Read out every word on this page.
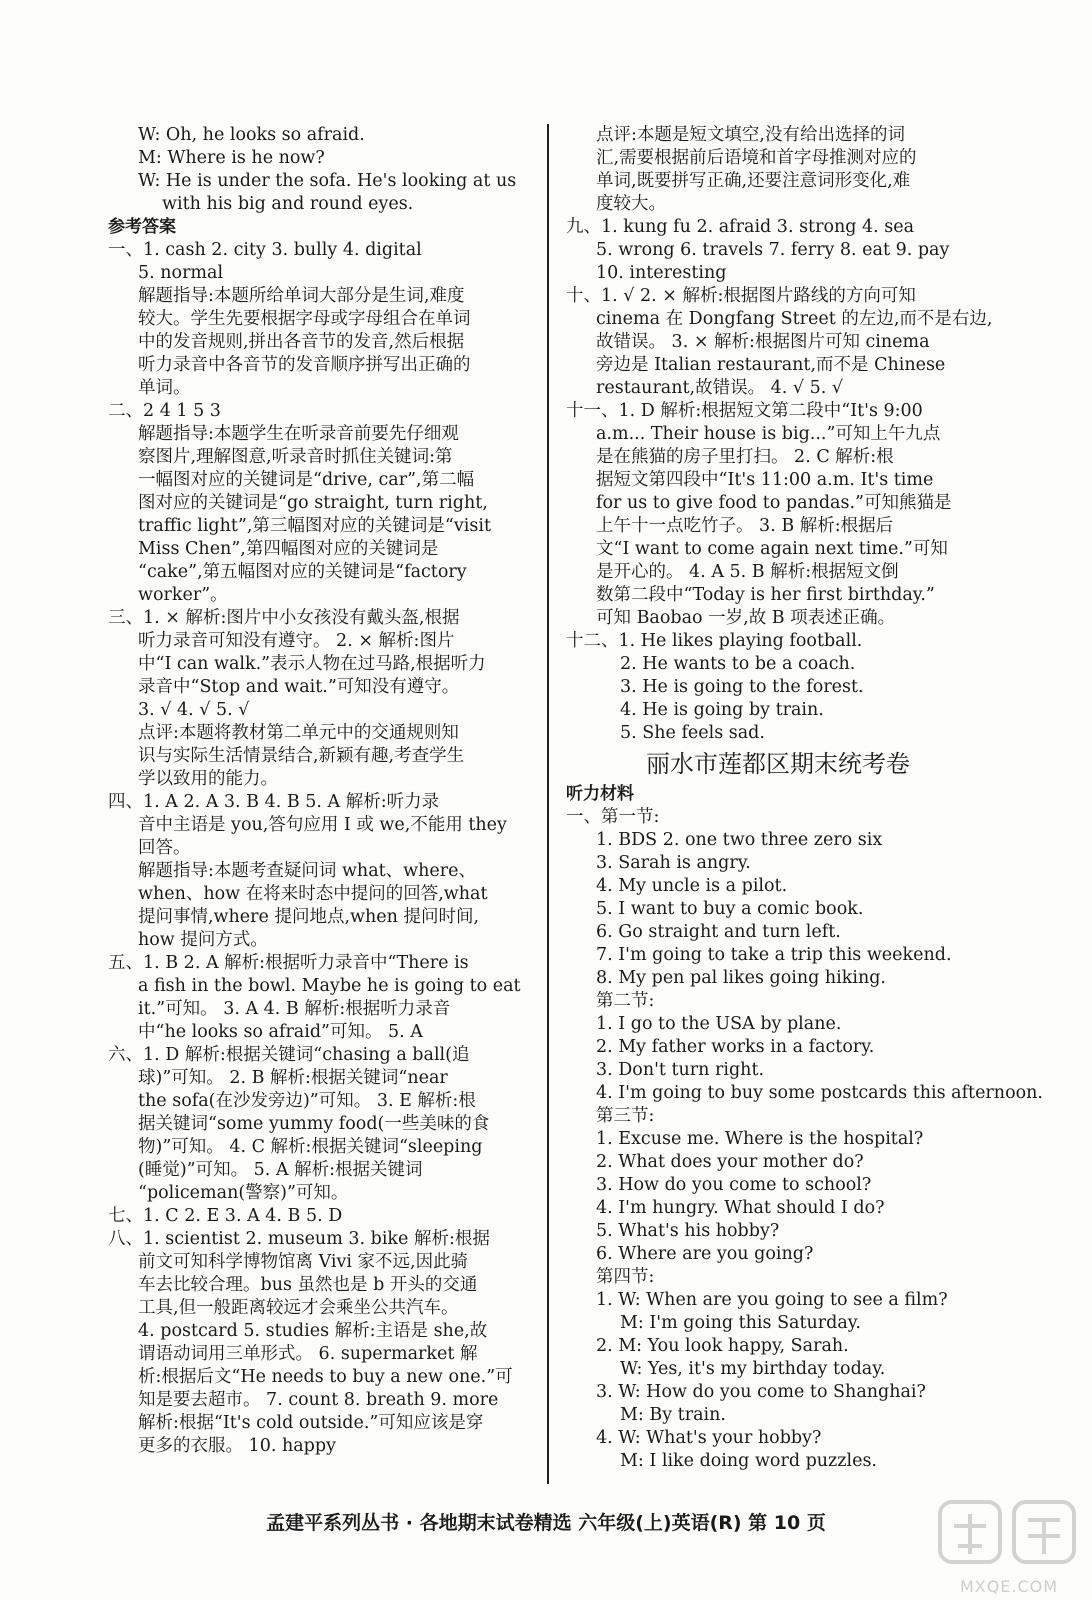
W: Oh, he looks so afraid.
M: Where is he now?
W: He is under the sofa. He's looking at us
with his big and round eyes.
参考答案
一、1. cash 2. city 3. bully 4. digital
5. normal
解题指导:本题所给单词大部分是生词,难度
较大。学生先要根据字母或字母组合在单词
中的发音规则,拼出各音节的发音,然后根据
听力录音中各音节的发音顺序拼写出正确的
单词。
二、2 4 1 5 3
解题指导:本题学生在听录音前要先仔细观
察图片,理解图意,听录音时抓住关键词:第
一幅图对应的关键词是“drive, car”,第二幅
图对应的关键词是“go straight, turn right,
traffic light”,第三幅图对应的关键词是“visit
Miss Chen”,第四幅图对应的关键词是
“cake”,第五幅图对应的关键词是“factory
worker”。
三、1. × 解析:图片中小女孩没有戴头盔,根据
听力录音可知没有遵守。 2. × 解析:图片
中“I can walk.”表示人物在过马路,根据听力
录音中“Stop and wait.”可知没有遵守。
3. √ 4. √ 5. √
点评:本题将教材第二单元中的交通规则知
识与实际生活情景结合,新颖有趣,考查学生
学以致用的能力。
四、1. A 2. A 3. B 4. B 5. A 解析:听力录
音中主语是 you,答句应用 I 或 we,不能用 they
回答。
解题指导:本题考查疑问词 what、where、
when、how 在将来时态中提问的回答,what
提问事情,where 提问地点,when 提问时间,
how 提问方式。
五、1. B 2. A 解析:根据听力录音中“There is
a fish in the bowl. Maybe he is going to eat
it.”可知。 3. A 4. B 解析:根据听力录音
中“he looks so afraid”可知。 5. A
六、1. D 解析:根据关键词“chasing a ball(追
球)”可知。 2. B 解析:根据关键词“near
the sofa(在沙发旁边)”可知。 3. E 解析:根
据关键词“some yummy food(一些美味的食
物)”可知。 4. C 解析:根据关键词“sleeping
(睡觉)”可知。 5. A 解析:根据关键词
“policeman(警察)”可知。
七、1. C 2. E 3. A 4. B 5. D
八、1. scientist 2. museum 3. bike 解析:根据
前文可知科学博物馆离 Vivi 家不远,因此骑
车去比较合理。bus 虽然也是 b 开头的交通
工具,但一般距离较远才会乘坐公共汽车。
4. postcard 5. studies 解析:主语是 she,故
谓语动词用三单形式。 6. supermarket 解
析:根据后文“He needs to buy a new one.”可
知是要去超市。 7. count 8. breath 9. more
解析:根据“It's cold outside.”可知应该是穿
更多的衣服。 10. happy
点评:本题是短文填空,没有给出选择的词
汇,需要根据前后语境和首字母推测对应的
单词,既要拼写正确,还要注意词形变化,难
度较大。
九、1. kung fu 2. afraid 3. strong 4. sea
5. wrong 6. travels 7. ferry 8. eat 9. pay
10. interesting
十、1. √ 2. × 解析:根据图片路线的方向可知
cinema 在 Dongfang Street 的左边,而不是右边,
故错误。 3. × 解析:根据图片可知 cinema
旁边是 Italian restaurant,而不是 Chinese
restaurant,故错误。 4. √ 5. √
十一、1. D 解析:根据短文第二段中“It's 9:00
a.m... Their house is big...”可知上午九点
是在熊猫的房子里打扫。 2. C 解析:根
据短文第四段中“It's 11:00 a.m. It's time
for us to give food to pandas.”可知熊猫是
上午十一点吃竹子。 3. B 解析:根据后
文“I want to come again next time.”可知
是开心的。 4. A 5. B 解析:根据短文倒
数第二段中“Today is her first birthday.”
可知 Baobao 一岁,故 B 项表述正确。
十二、1. He likes playing football.
2. He wants to be a coach.
3. He is going to the forest.
4. He is going by train.
5. She feels sad.
丽水市莲都区期末统考卷
听力材料
一、第一节:
1. BDS 2. one two three zero six
3. Sarah is angry.
4. My uncle is a pilot.
5. I want to buy a comic book.
6. Go straight and turn left.
7. I'm going to take a trip this weekend.
8. My pen pal likes going hiking.
第二节:
1. I go to the USA by plane.
2. My father works in a factory.
3. Don't turn right.
4. I'm going to buy some postcards this afternoon.
第三节:
1. Excuse me. Where is the hospital?
2. What does your mother do?
3. How do you come to school?
4. I'm hungry. What should I do?
5. What's his hobby?
6. Where are you going?
第四节:
1. W: When are you going to see a film?
M: I'm going this Saturday.
2. M: You look happy, Sarah.
W: Yes, it's my birthday today.
3. W: How do you come to Shanghai?
M: By train.
4. W: What's your hobby?
M: I like doing word puzzles.
孟建平系列丛书 · 各地期末试卷精选 六年级(上)英语(R) 第 10 页
MXQE.COM
